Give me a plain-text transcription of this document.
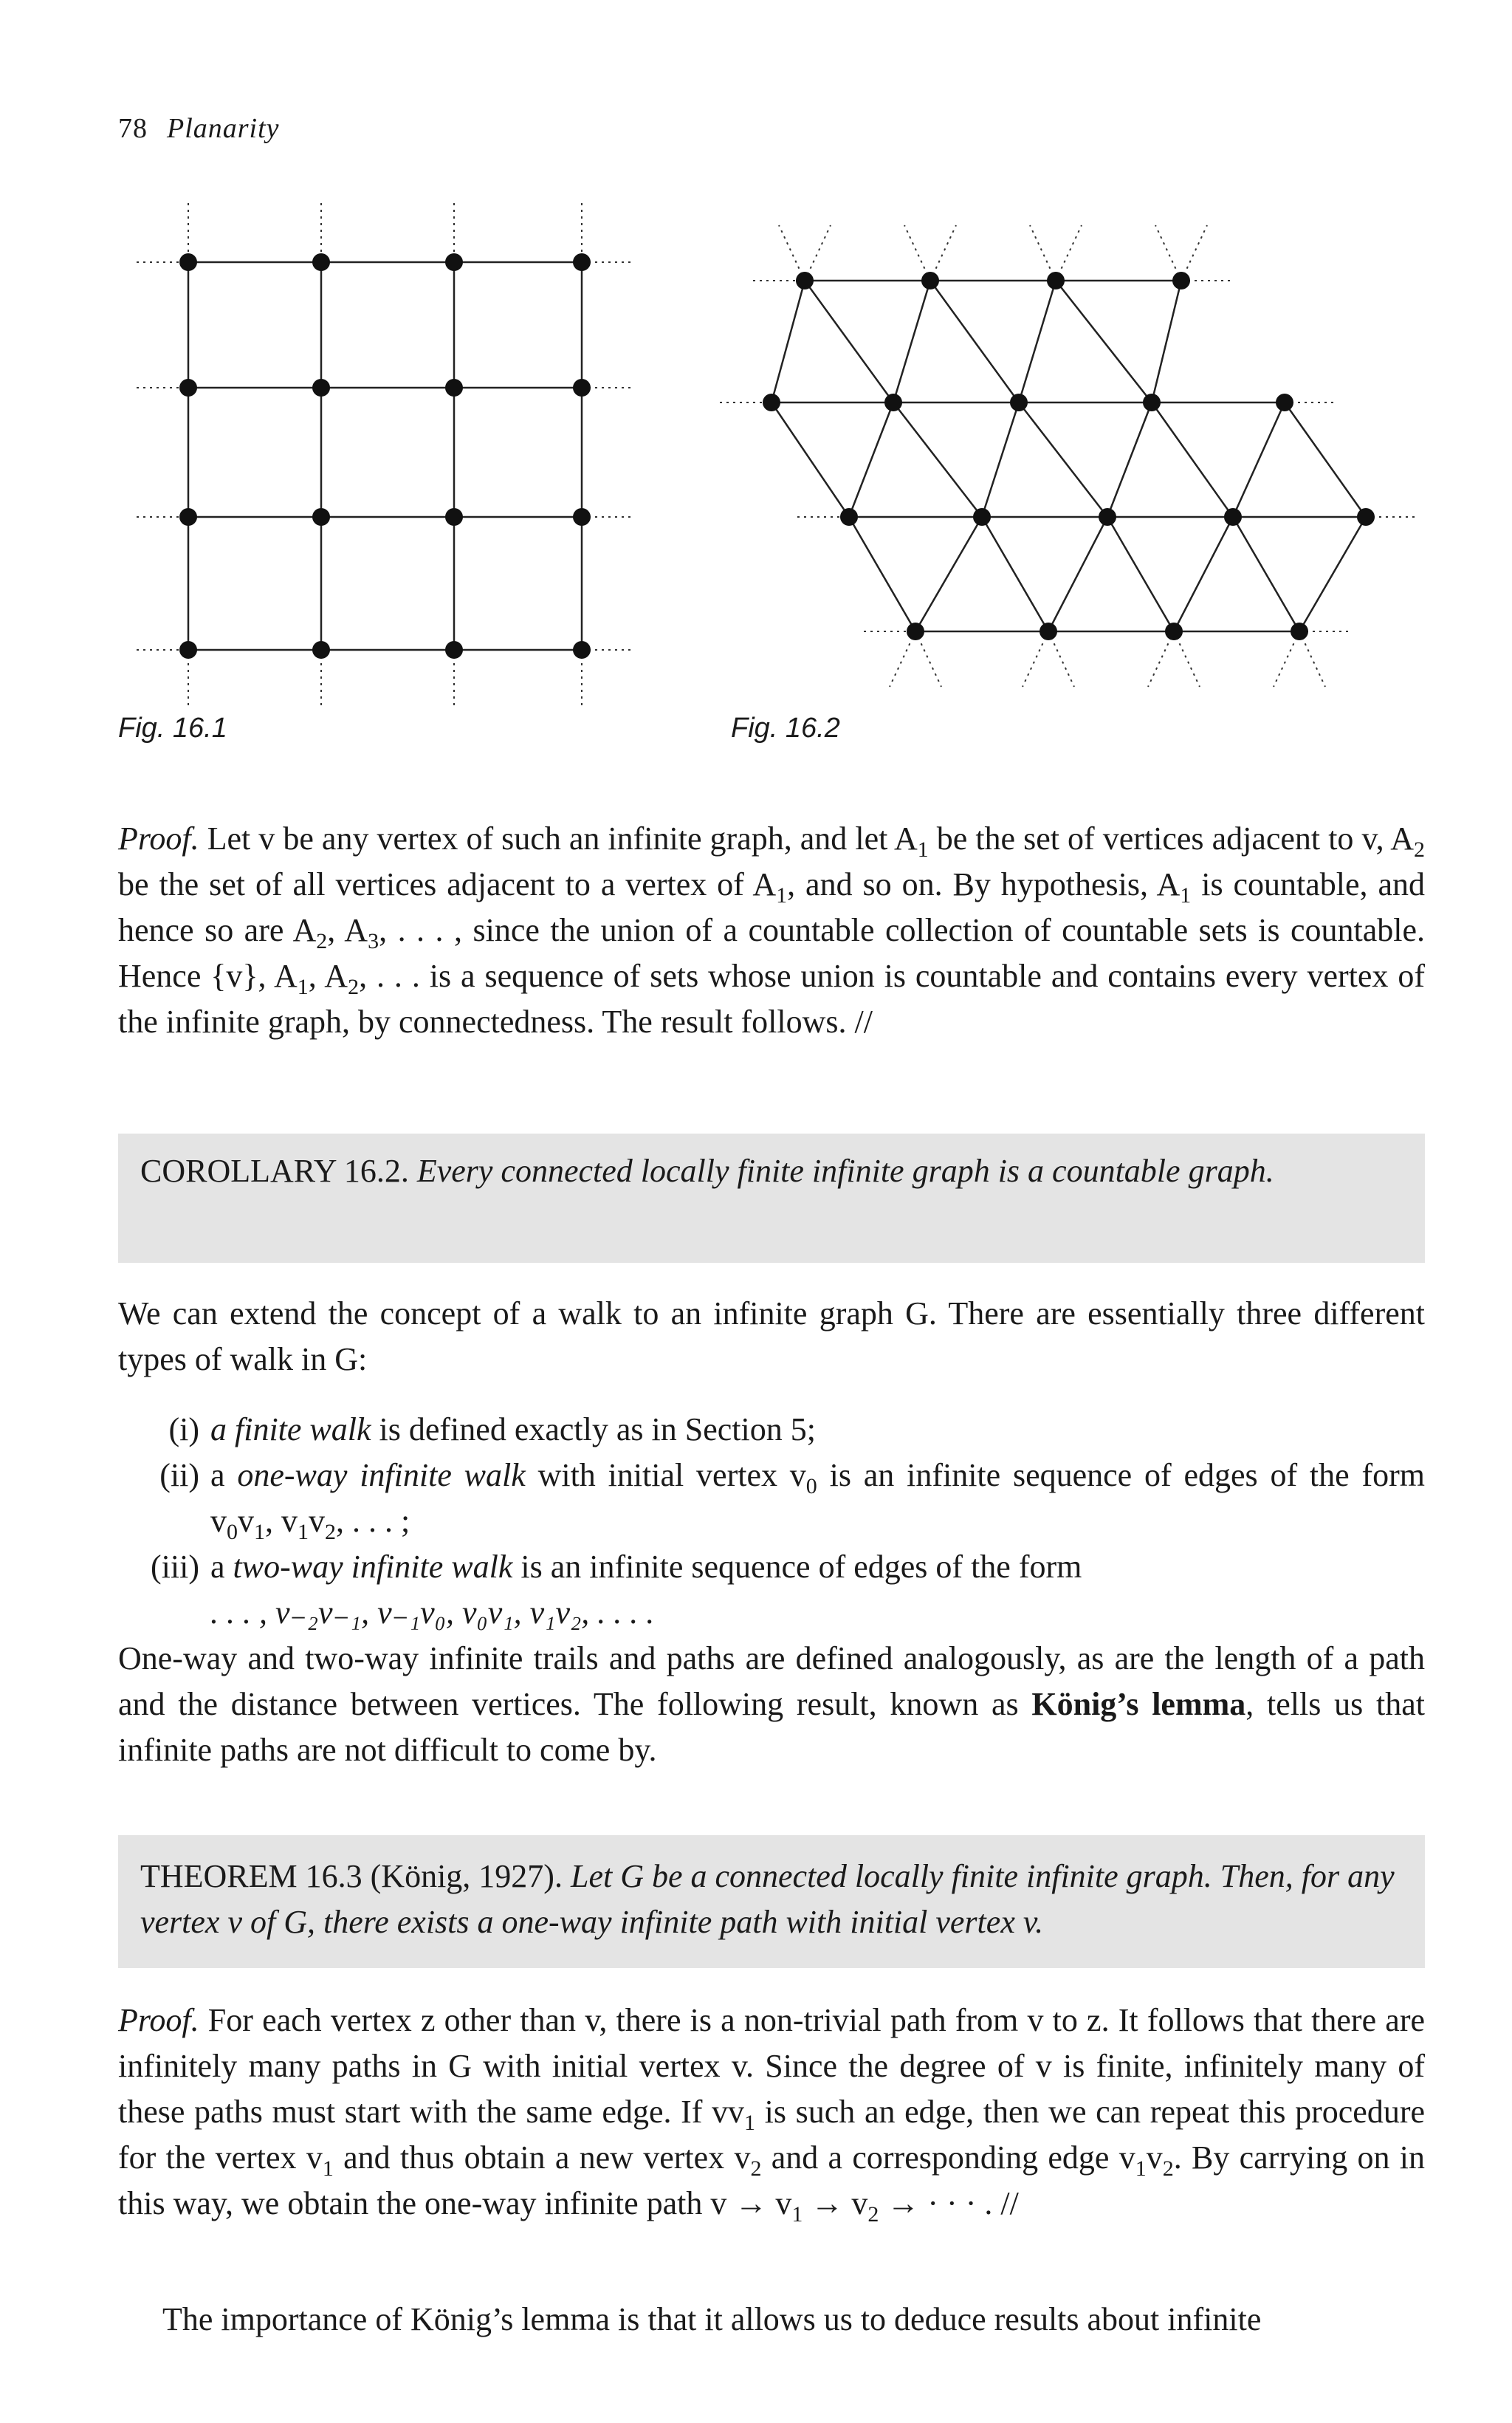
78 Planarity
Fig. 16.1	Fig. 16.2
Proof. Let v be any vertex of such an infinite graph, and let $A_1$ be the set of vertices adjacent to v, $A_2$ be the set of all vertices adjacent to a vertex of $A_1$, and so on. By hypothesis, $A_1$ is countable, and hence so are $A_2$, $A_3$, . . . , since the union of a countable collection of countable sets is countable. Hence {v}, $A_1$, $A_2$, . . . is a sequence of sets whose union is countable and contains every vertex of the infinite graph, by connectedness. The result follows. //
COROLLARY 16.2. Every connected locally finite infinite graph is a countable graph.
We can extend the concept of a walk to an infinite graph G. There are essentially three different types of walk in G:
(i) a finite walk is defined exactly as in Section 5;
(ii) a one-way infinite walk with initial vertex $v_0$ is an infinite sequence of edges of the form $v_0v_1$, $v_1v_2$, . . . ;
(iii) a two-way infinite walk is an infinite sequence of edges of the form
. . . , v₋₂v₋₁, v₋₁v₀, v₀v₁, v₁v₂, . . . .
One-way and two-way infinite trails and paths are defined analogously, as are the length of a path and the distance between vertices. The following result, known as König’s lemma, tells us that infinite paths are not difficult to come by.
THEOREM 16.3 (König, 1927). Let G be a connected locally finite infinite graph. Then, for any vertex v of G, there exists a one-way infinite path with initial vertex v.
Proof. For each vertex z other than v, there is a non-trivial path from v to z. It follows that there are infinitely many paths in G with initial vertex v. Since the degree of v is finite, infinitely many of these paths must start with the same edge. If $vv_1$ is such an edge, then we can repeat this procedure for the vertex $v_1$ and thus obtain a new vertex $v_2$ and a corresponding edge $v_1v_2$. By carrying on in this way, we obtain the one-way infinite path $v \to v_1 \to v_2$ → · · · . //
The importance of König’s lemma is that it allows us to deduce results about infinite
